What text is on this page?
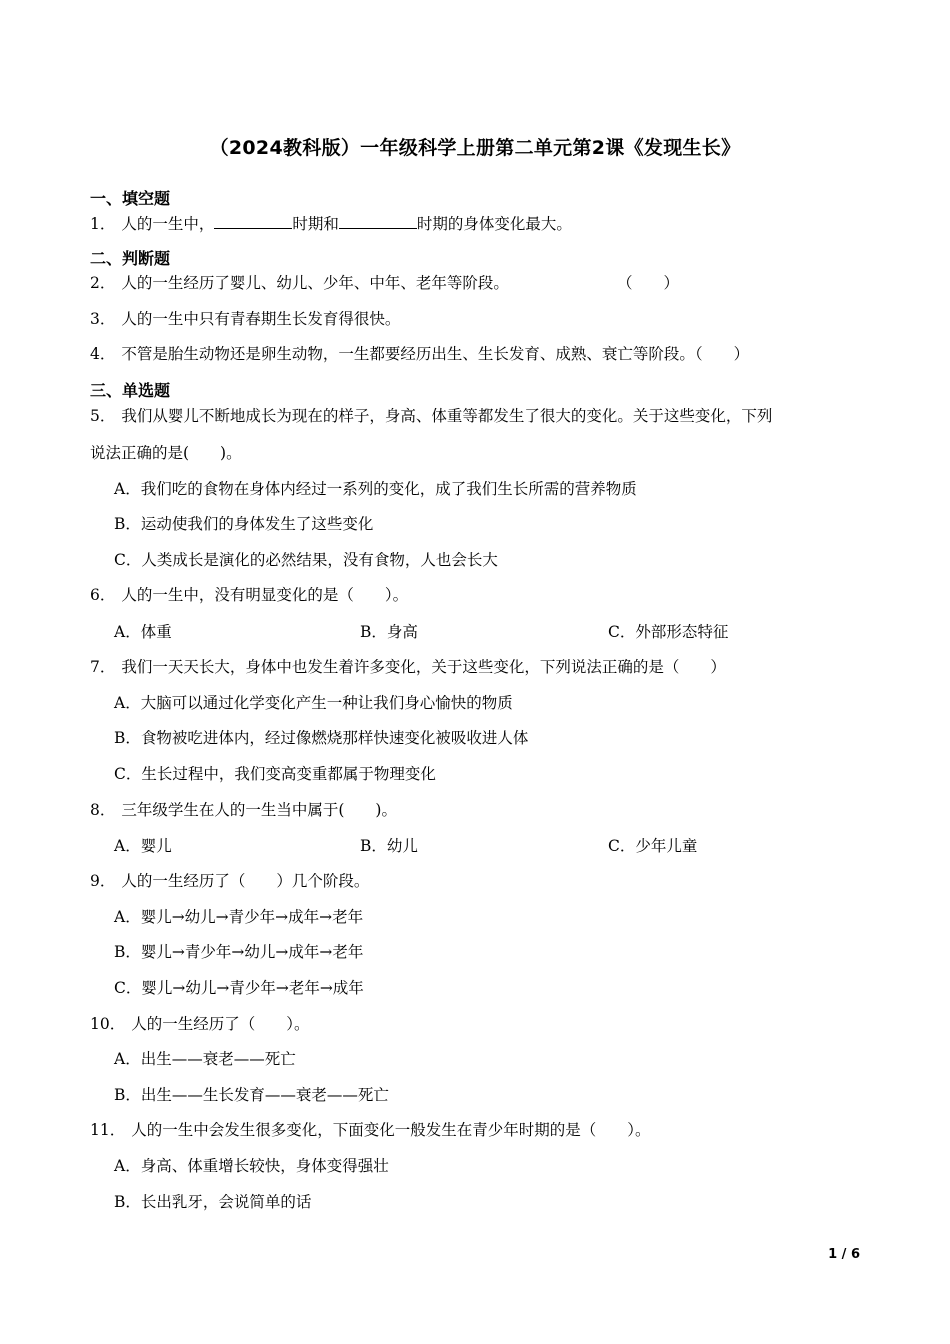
（2024教科版）一年级科学上册第二单元第2课《发现生长》
一、填空题
1． 人的一生中，	时期和	时期的身体变化最大。
二、判断题
2． 人的一生经历了婴儿、幼儿、少年、中年、老年等阶段。	（　　）
3． 人的一生中只有青春期生长发育得很快。
4． 不管是胎生动物还是卵生动物，一生都要经历出生、生长发育、成熟、衰亡等阶段。（　　）
三、单选题
5． 我们从婴儿不断地成长为现在的样子，身高、体重等都发生了很大的变化。关于这些变化，下列
说法正确的是(　　)。
A．我们吃的食物在身体内经过一系列的变化，成了我们生长所需的营养物质
B．运动使我们的身体发生了这些变化
C．人类成长是演化的必然结果，没有食物，人也会长大
6． 人的一生中，没有明显变化的是（　　）。
A．体重	B．身高	C．外部形态特征
7． 我们一天天长大，身体中也发生着许多变化，关于这些变化，下列说法正确的是（　　）
A．大脑可以通过化学变化产生一种让我们身心愉快的物质
B．食物被吃进体内，经过像燃烧那样快速变化被吸收进人体
C．生长过程中，我们变高变重都属于物理变化
8． 三年级学生在人的一生当中属于(　　)。
A．婴儿	B．幼儿	C．少年儿童
9． 人的一生经历了（　　）几个阶段。
A．婴儿→幼儿→青少年→成年→老年
B．婴儿→青少年→幼儿→成年→老年
C．婴儿→幼儿→青少年→老年→成年
10． 人的一生经历了（　　）。
A．出生——衰老——死亡
B．出生——生长发育——衰老——死亡
11． 人的一生中会发生很多变化，下面变化一般发生在青少年时期的是（　　）。
A．身高、体重增长较快，身体变得强壮
B．长出乳牙，会说简单的话
1 / 6
